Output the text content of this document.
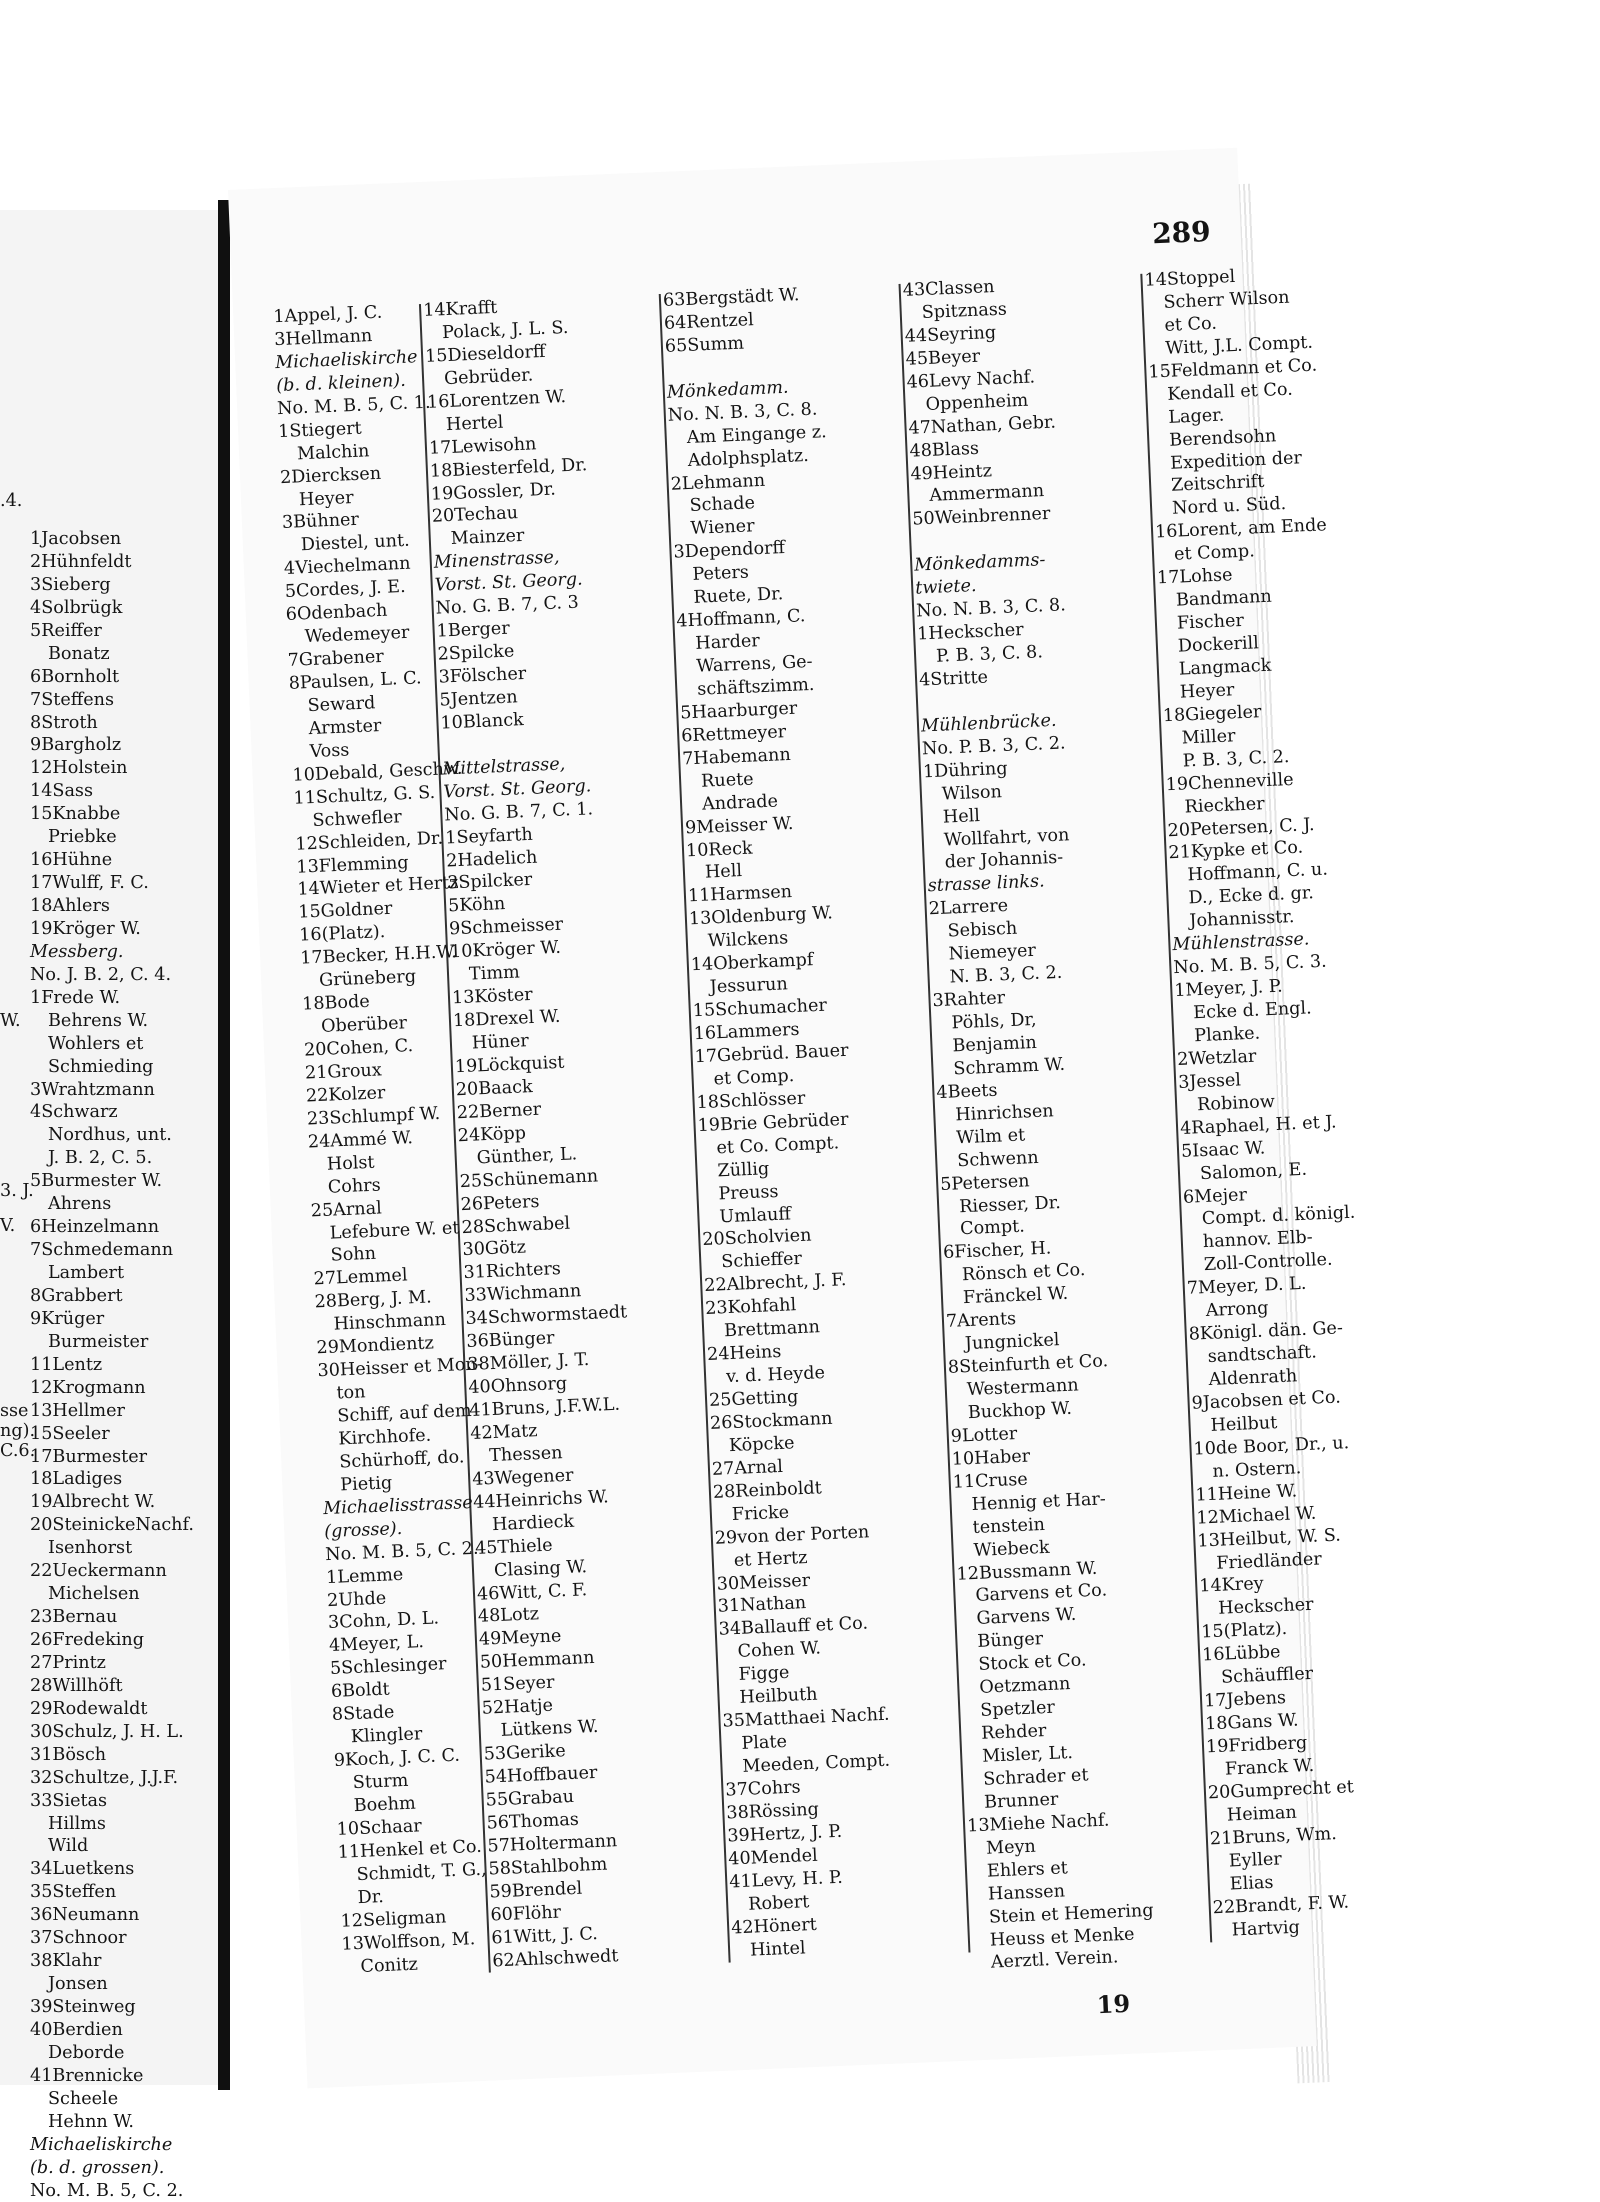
1Jacobsen
2Hühnfeldt
3Sieberg
4Solbrügk
5Reiffer
Bonatz
6Bornholt
7Steffens
8Stroth
9Bargholz
12Holstein
14Sass
15Knabbe
Priebke
16Hühne
17Wulff, F. C.
18Ahlers
19Kröger W.
Messberg.
No. J. B. 2, C. 4.
1Frede W.
Behrens W.
Wohlers et
Schmieding
3Wrahtzmann
4Schwarz
Nordhus, unt.
J. B. 2, C. 5.
5Burmester W.
Ahrens
6Heinzelmann
7Schmedemann
Lambert
8Grabbert
9Krüger
Burmeister
11Lentz
12Krogmann
13Hellmer
15Seeler
17Burmester
18Ladiges
19Albrecht W.
20SteinickeNachf.
Isenhorst
22Ueckermann
Michelsen
23Bernau
26Fredeking
27Printz
28Willhöft
29Rodewaldt
30Schulz, J. H. L.
31Bösch
32Schultze, J.J.F.
33Sietas
Hillms
Wild
34Luetkens
35Steffen
36Neumann
37Schnoor
38Klahr
Jonsen
39Steinweg
40Berdien
Deborde
41Brennicke
Scheele
Hehnn W.
Michaeliskirche
(b. d. grossen).
No. M. B. 5, C. 2.
.4.
W.
3. J.
V.
sse
ng).
C.6.
289
1Appel, J. C.
3Hellmann
Michaeliskirche
(b. d. kleinen).
No. M. B. 5, C. 1.
1Stiegert
Malchin
2Diercksen
Heyer
3Bühner
Diestel, unt.
4Viechelmann
5Cordes, J. E.
6Odenbach
Wedemeyer
7Grabener
8Paulsen, L. C.
Seward
Armster
Voss
10Debald, Geschw.
11Schultz, G. S.
Schwefler
12Schleiden, Dr.
13Flemming
14Wieter et Hertz
15Goldner
16(Platz).
17Becker, H.H.W.
Grüneberg
18Bode
Oberüber
20Cohen, C.
21Groux
22Kolzer
23Schlumpf W.
24Ammé W.
Holst
Cohrs
25Arnal
Lefebure W. et
Sohn
27Lemmel
28Berg, J. M.
Hinschmann
29Mondientz
30Heisser et Mon-
ton
Schiff, auf dem
Kirchhofe.
Schürhoff, do.
Pietig
Michaelisstrasse
(grosse).
No. M. B. 5, C. 2.
1Lemme
2Uhde
3Cohn, D. L.
4Meyer, L.
5Schlesinger
6Boldt
8Stade
Klingler
9Koch, J. C. C.
Sturm
Boehm
10Schaar
11Henkel et Co.
Schmidt, T. G.,
Dr.
12Seligman
13Wolffson, M.
Conitz
14Krafft
Polack, J. L. S.
15Dieseldorff
Gebrüder.
16Lorentzen W.
Hertel
17Lewisohn
18Biesterfeld, Dr.
19Gossler, Dr.
20Techau
Mainzer
Minenstrasse,
Vorst. St. Georg.
No. G. B. 7, C. 3
1Berger
2Spilcke
3Fölscher
5Jentzen
10Blanck
Mittelstrasse,
Vorst. St. Georg.
No. G. B. 7, C. 1.
1Seyfarth
2Hadelich
3Spilcker
5Köhn
9Schmeisser
10Kröger W.
Timm
13Köster
18Drexel W.
Hüner
19Löckquist
20Baack
22Berner
24Köpp
Günther, L.
25Schünemann
26Peters
28Schwabel
30Götz
31Richters
33Wichmann
34Schwormstaedt
36Bünger
38Möller, J. T.
40Ohnsorg
41Bruns, J.F.W.L.
42Matz
Thessen
43Wegener
44Heinrichs W.
Hardieck
45Thiele
Clasing W.
46Witt, C. F.
48Lotz
49Meyne
50Hemmann
51Seyer
52Hatje
Lütkens W.
53Gerike
54Hoffbauer
55Grabau
56Thomas
57Holtermann
58Stahlbohm
59Brendel
60Flöhr
61Witt, J. C.
62Ahlschwedt
63Bergstädt W.
64Rentzel
65Summ
Mönkedamm.
No. N. B. 3, C. 8.
Am Eingange z.
Adolphsplatz.
2Lehmann
Schade
Wiener
3Dependorff
Peters
Ruete, Dr.
4Hoffmann, C.
Harder
Warrens, Ge-
schäftszimm.
5Haarburger
6Rettmeyer
7Habemann
Ruete
Andrade
9Meisser W.
10Reck
Hell
11Harmsen
13Oldenburg W.
Wilckens
14Oberkampf
Jessurun
15Schumacher
16Lammers
17Gebrüd. Bauer
et Comp.
18Schlösser
19Brie Gebrüder
et Co. Compt.
Züllig
Preuss
Umlauff
20Scholvien
Schieffer
22Albrecht, J. F.
23Kohfahl
Brettmann
24Heins
v. d. Heyde
25Getting
26Stockmann
Köpcke
27Arnal
28Reinboldt
Fricke
29von der Porten
et Hertz
30Meisser
31Nathan
34Ballauff et Co.
Cohen W.
Figge
Heilbuth
35Matthaei Nachf.
Plate
Meeden, Compt.
37Cohrs
38Rössing
39Hertz, J. P.
40Mendel
41Levy, H. P.
Robert
42Hönert
Hintel
43Classen
Spitznass
44Seyring
45Beyer
46Levy Nachf.
Oppenheim
47Nathan, Gebr.
48Blass
49Heintz
Ammermann
50Weinbrenner
Mönkedamms-
twiete.
No. N. B. 3, C. 8.
1Heckscher
P. B. 3, C. 8.
4Stritte
Mühlenbrücke.
No. P. B. 3, C. 2.
1Dühring
Wilson
Hell
Wollfahrt, von
der Johannis-
strasse links.
2Larrere
Sebisch
Niemeyer
N. B. 3, C. 2.
3Rahter
Pöhls, Dr,
Benjamin
Schramm W.
4Beets
Hinrichsen
Wilm et
Schwenn
5Petersen
Riesser, Dr.
Compt.
6Fischer, H.
Rönsch et Co.
Fränckel W.
7Arents
Jungnickel
8Steinfurth et Co.
Westermann
Buckhop W.
9Lotter
10Haber
11Cruse
Hennig et Har-
tenstein
Wiebeck
12Bussmann W.
Garvens et Co.
Garvens W.
Bünger
Stock et Co.
Oetzmann
Spetzler
Rehder
Misler, Lt.
Schrader et
Brunner
13Miehe Nachf.
Meyn
Ehlers et
Hanssen
Stein et Hemering
Heuss et Menke
Aerztl. Verein.
14Stoppel
Scherr Wilson
et Co.
Witt, J.L. Compt.
15Feldmann et Co.
Kendall et Co.
Lager.
Berendsohn
Expedition der
Zeitschrift
Nord u. Süd.
16Lorent, am Ende
et Comp.
17Lohse
Bandmann
Fischer
Dockerill
Langmack
Heyer
18Giegeler
Miller
P. B. 3, C. 2.
19Chenneville
Rieckher
20Petersen, C. J.
21Kypke et Co.
Hoffmann, C. u.
D., Ecke d. gr.
Johannisstr.
Mühlenstrasse.
No. M. B. 5, C. 3.
1Meyer, J. P.
Ecke d. Engl.
Planke.
2Wetzlar
3Jessel
Robinow
4Raphael, H. et J.
5Isaac W.
Salomon, E.
6Mejer
Compt. d. königl.
hannov. Elb-
Zoll-Controlle.
7Meyer, D. L.
Arrong
8Königl. dän. Ge-
sandtschaft.
Aldenrath
9Jacobsen et Co.
Heilbut
10de Boor, Dr., u.
n. Ostern.
11Heine W.
12Michael W.
13Heilbut, W. S.
Friedländer
14Krey
Heckscher
15(Platz).
16Lübbe
Schäuffler
17Jebens
18Gans W.
19Fridberg
Franck W.
20Gumprecht et
Heiman
21Bruns, Wm.
Eyller
Elias
22Brandt, F. W.
Hartvig
19
